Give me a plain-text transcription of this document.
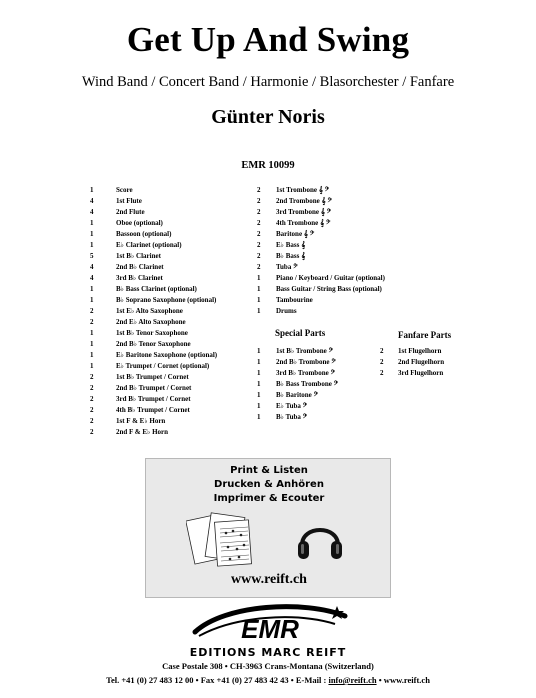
Get Up And Swing
Wind Band / Concert Band / Harmonie / Blasorchester / Fanfare
Günter Noris
EMR 10099
1	Score
4	1st Flute
4	2nd Flute
1	Oboe (optional)
1	Bassoon (optional)
1	E♭ Clarinet (optional)
5	1st B♭ Clarinet
4	2nd B♭ Clarinet
4	3rd B♭ Clarinet
1	B♭ Bass Clarinet (optional)
1	B♭ Soprano Saxophone (optional)
2	1st E♭ Alto Saxophone
2	2nd E♭ Alto Saxophone
1	1st B♭ Tenor Saxophone
1	2nd B♭ Tenor Saxophone
1	E♭ Baritone Saxophone (optional)
1	E♭ Trumpet / Cornet (optional)
2	1st B♭ Trumpet / Cornet
2	2nd B♭ Trumpet / Cornet
2	3rd B♭ Trumpet / Cornet
2	4th B♭ Trumpet / Cornet
2	1st F & E♭ Horn
2	2nd F & E♭ Horn
2 1st Trombone 𝄞 𝄢
2 2nd Trombone 𝄞 𝄢
2 3rd Trombone 𝄞 𝄢
2 4th Trombone 𝄞 𝄢
2 Baritone 𝄞 𝄢
2 E♭ Bass 𝄞
2 B♭ Bass 𝄞
2 Tuba 𝄢
1 Piano / Keyboard / Guitar (optional)
1 Bass Guitar / String Bass (optional)
1 Tambourine
1 Drums
Special Parts	Fanfare Parts
1 1st B♭ Trombone 𝄢
1 2nd B♭ Trombone 𝄢
1 3rd B♭ Trombone 𝄢
1 B♭ Bass Trombone 𝄢
1 B♭ Baritone 𝄢
1 E♭ Tuba 𝄢
1 B♭ Tuba 𝄢
2 1st Flugelhorn
2 2nd Flugelhorn
2 3rd Flugelhorn
Print & Listen
Drucken & Anhören
Imprimer & Ecouter
www.reift.ch
EMR
EDITIONS MARC REIFT
Case Postale 308 • CH-3963 Crans-Montana (Switzerland)
Tel. +41 (0) 27 483 12 00 • Fax +41 (0) 27 483 42 43 • E-Mail : info@reift.ch • www.reift.ch
